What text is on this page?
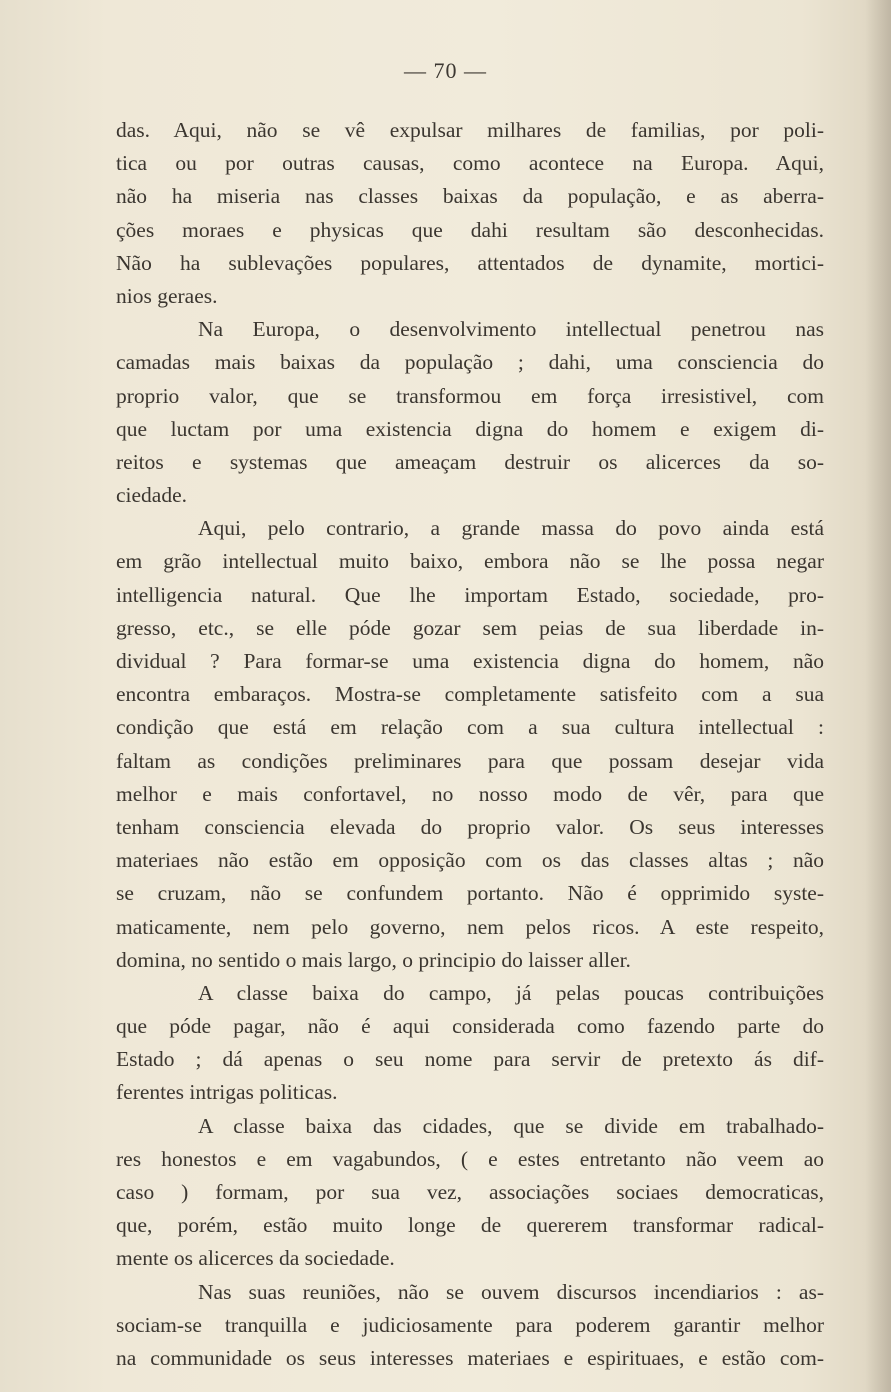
— 70 —
das. Aqui, não se vê expulsar milhares de familias, por poli-
tica ou por outras causas, como acontece na Europa. Aqui,
não ha miseria nas classes baixas da população, e as aberra-
ções moraes e physicas que dahi resultam são desconhecidas.
Não ha sublevações populares, attentados de dynamite, mortici-
nios geraes.
Na Europa, o desenvolvimento intellectual penetrou nas
camadas mais baixas da população ; dahi, uma consciencia do
proprio valor, que se transformou em força irresistivel, com
que luctam por uma existencia digna do homem e exigem di-
reitos e systemas que ameaçam destruir os alicerces da so-
ciedade.
Aqui, pelo contrario, a grande massa do povo ainda está
em grão intellectual muito baixo, embora não se lhe possa negar
intelligencia natural. Que lhe importam Estado, sociedade, pro-
gresso, etc., se elle póde gozar sem peias de sua liberdade in-
dividual ? Para formar-se uma existencia digna do homem, não
encontra embaraços. Mostra-se completamente satisfeito com a sua
condição que está em relação com a sua cultura intellectual :
faltam as condições preliminares para que possam desejar vida
melhor e mais confortavel, no nosso modo de vêr, para que
tenham consciencia elevada do proprio valor. Os seus interesses
materiaes não estão em opposição com os das classes altas ; não
se cruzam, não se confundem portanto. Não é opprimido syste-
maticamente, nem pelo governo, nem pelos ricos. A este respeito,
domina, no sentido o mais largo, o principio do laisser aller.
A classe baixa do campo, já pelas poucas contribuições
que póde pagar, não é aqui considerada como fazendo parte do
Estado ; dá apenas o seu nome para servir de pretexto ás dif-
ferentes intrigas politicas.
A classe baixa das cidades, que se divide em trabalhado-
res honestos e em vagabundos, ( e estes entretanto não veem ao
caso ) formam, por sua vez, associações sociaes democraticas,
que, porém, estão muito longe de quererem transformar radical-
mente os alicerces da sociedade.
Nas suas reuniões, não se ouvem discursos incendiarios : as-
sociam-se tranquilla e judiciosamente para poderem garantir melhor
na communidade os seus interesses materiaes e espirituaes, e estão com-
